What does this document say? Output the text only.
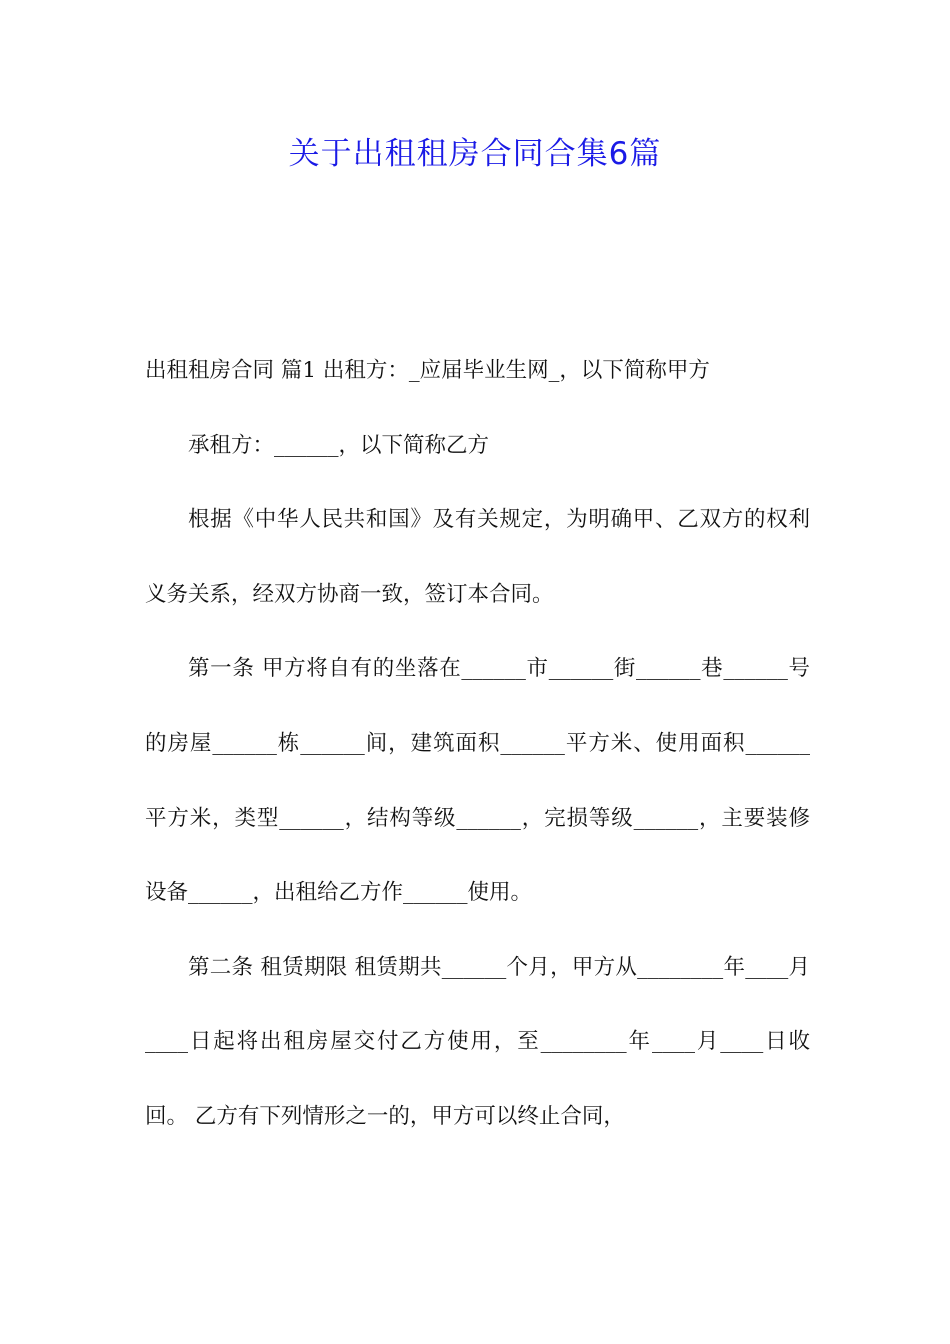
关于出租租房合同合集6篇

出租租房合同 篇1 出租方：_应届毕业生网_，以下简称甲方

承租方：______，以下简称乙方

根据《中华人民共和国》及有关规定，为明确甲、乙双方的权利义务关系，经双方协商一致，签订本合同。

第一条 甲方将自有的坐落在______市______街______巷______号的房屋______栋______间，建筑面积______平方米、使用面积______平方米，类型______，结构等级______，完损等级______，主要装修设备______，出租给乙方作______使用。

第二条 租赁期限 租赁期共______个月，甲方从________年____月____日起将出租房屋交付乙方使用，至________年____月____日收回。 乙方有下列情形之一的，甲方可以终止合同，
